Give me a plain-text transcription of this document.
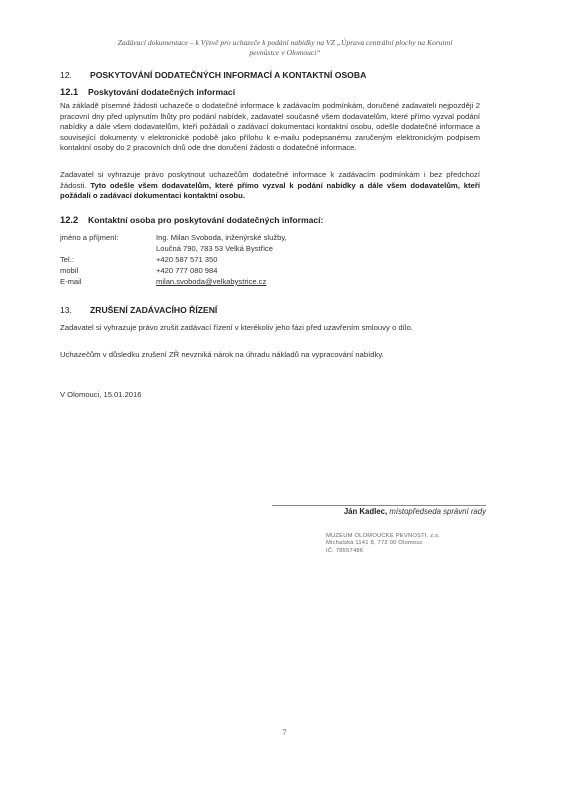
Zadávací dokumentace – k Výzvě pro uchazeče k podání nabídky na VZ „Úprava centrální plochy na Korunní
pevnůstce v Olomouci“
12. POSKYTOVÁNÍ DODATEČNÝCH INFORMACÍ A KONTAKTNÍ OSOBA
12.1 Poskytování dodatečných informací
Na základě písemné žádosti uchazeče o dodatečné informace k zadávacím podmínkám, doručené zadavateli nejpozději 2 pracovní dny před uplynutím lhůty pro podání nabídek, zadavatel současně všem dodavatelům, které přímo vyzval podání nabídky a dále všem dodavatelům, kteří požádali o zadávací dokumentaci kontaktní osobu, odešle dodatečné informace a související dokumenty v elektronické podobě jako přílohu k e-mailu podepsanému zaručeným elektronickým podpisem kontaktní osoby do 2 pracovních dnů ode dne doručení žádosti o dodatečné informace.
Zadavatel si vyhrazuje právo poskytnout uchazečům dodatečné informace k zadávacím podmínkám i bez předchozí žádosti. Tyto odešle všem dodavatelům, které přímo vyzval k podání nabídky a dále všem dodavatelům, kteří požádali o zadávací dokumentaci kontaktní osobu.
12.2 Kontaktní osoba pro poskytování dodatečných informací:
jméno a příjmení:	Ing. Milan Svoboda, inženýrské služby,
Loučná 790, 783 53 Velká Bystřice
Tel.:	+420 587 571 350
mobil	+420 777 080 984
E-mail	milan.svoboda@velkabystrice.cz
13. ZRUŠENÍ ZADÁVACÍHO ŘÍZENÍ
Zadavatel si vyhrazuje právo zrušit zadávací řízení v kterékoliv jeho fázi před uzavřením smlouvy o dílo.
Uchazečům v důsledku zrušení ZŘ nevzniká nárok na úhradu nákladů na vypracování nabídky.
V Olomouci, 15.01.2016
Ján Kadlec, místopředseda správní rady
MUZEUM OLOMOUCKÉ PEVNOSTI, z.s.
Michalská 1141 8, 772 00 Olomouc
IČ: 78557486
7
